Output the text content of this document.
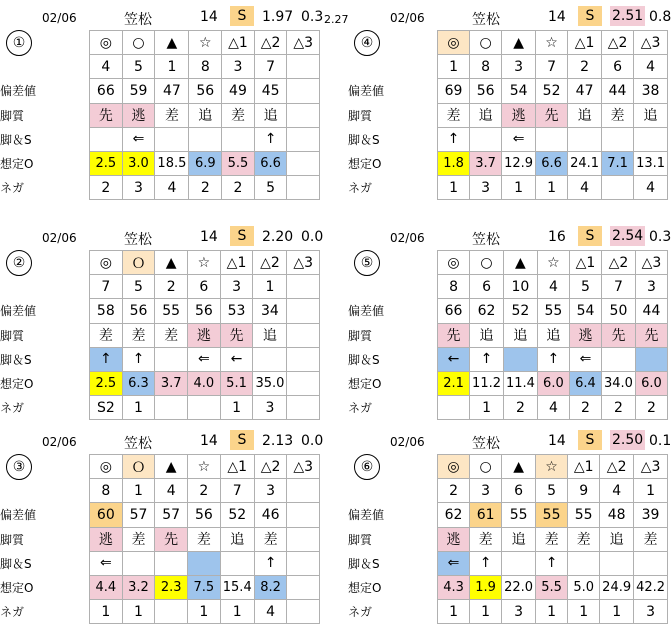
02/06	笠松	14	S	1.97 0.3 2.27
①	◎	○	▲	☆	△1	△2	△3
4	5	1	8	3	7	
66	59	47	56	49	45	
先	逃	差	追	差	追	
	⇐				↑	
2.5	3.0	18.5	6.9	5.5	6.6	
2	3	4	2	2	5	
偏差値
脚質
脚＆S
想定O
ネガ
02/06	笠松	14	S	2.51 0.8
④	◎	○	▲	☆	△1	△2	△3
1	8	3	7	2	6	4
69	56	54	52	47	44	38
差	追	逃	先	追	差	追
↑		⇐				
1.8	3.7	12.9	6.6	24.1	7.1	13.1
1	3	1	1	4		4
偏差値
脚質
脚＆S
想定O
ネガ
02/06	笠松	14	S	2.20 0.0
②	◎	Ｏ	▲	☆	△1	△2	△3
7	5	2	6	3	1	
58	56	55	56	53	34	
差	差	差	逃	先	追	
↑	↑		⇐	←		
2.5	6.3	3.7	4.0	5.1	35.0	
S2	1			1	3	
偏差値
脚質
脚＆S
想定O
ネガ
02/06	笠松	16	S	2.54 0.3
⑤	◎	○	▲	☆	△1	△2	△3
8	6	10	4	5	7	3
66	62	52	55	54	50	44
先	追	追	追	逃	先	先
←	↑		↑	⇐		
2.1	11.2	11.4	6.0	6.4	34.0	6.0
	1	2	4	2	2	2
偏差値
脚質
脚＆S
想定O
ネガ
02/06	笠松	14	S	2.13 0.0
③	◎	Ｏ	▲	☆	△1	△2	△3
8	1	4	2	7	3	
60	57	57	56	52	46	
逃	差	先	差	追	差	
⇐					↑	
4.4	3.2	2.3	7.5	15.4	8.2	
1	1		1	1	4	
偏差値
脚質
脚＆S
想定O
ネガ
02/06	笠松	14	S	2.50 0.1
⑥	◎	○	▲	☆	△1	△2	△3
2	3	6	5	9	4	1
62	61	55	55	55	48	39
逃	差	追	差	差	追	差
⇐	↑		↑			
4.3	1.9	22.0	5.5	5.0	24.9	42.2
1	1	3	1	1	1	3
偏差値
脚質
脚＆S
想定O
ネガ
